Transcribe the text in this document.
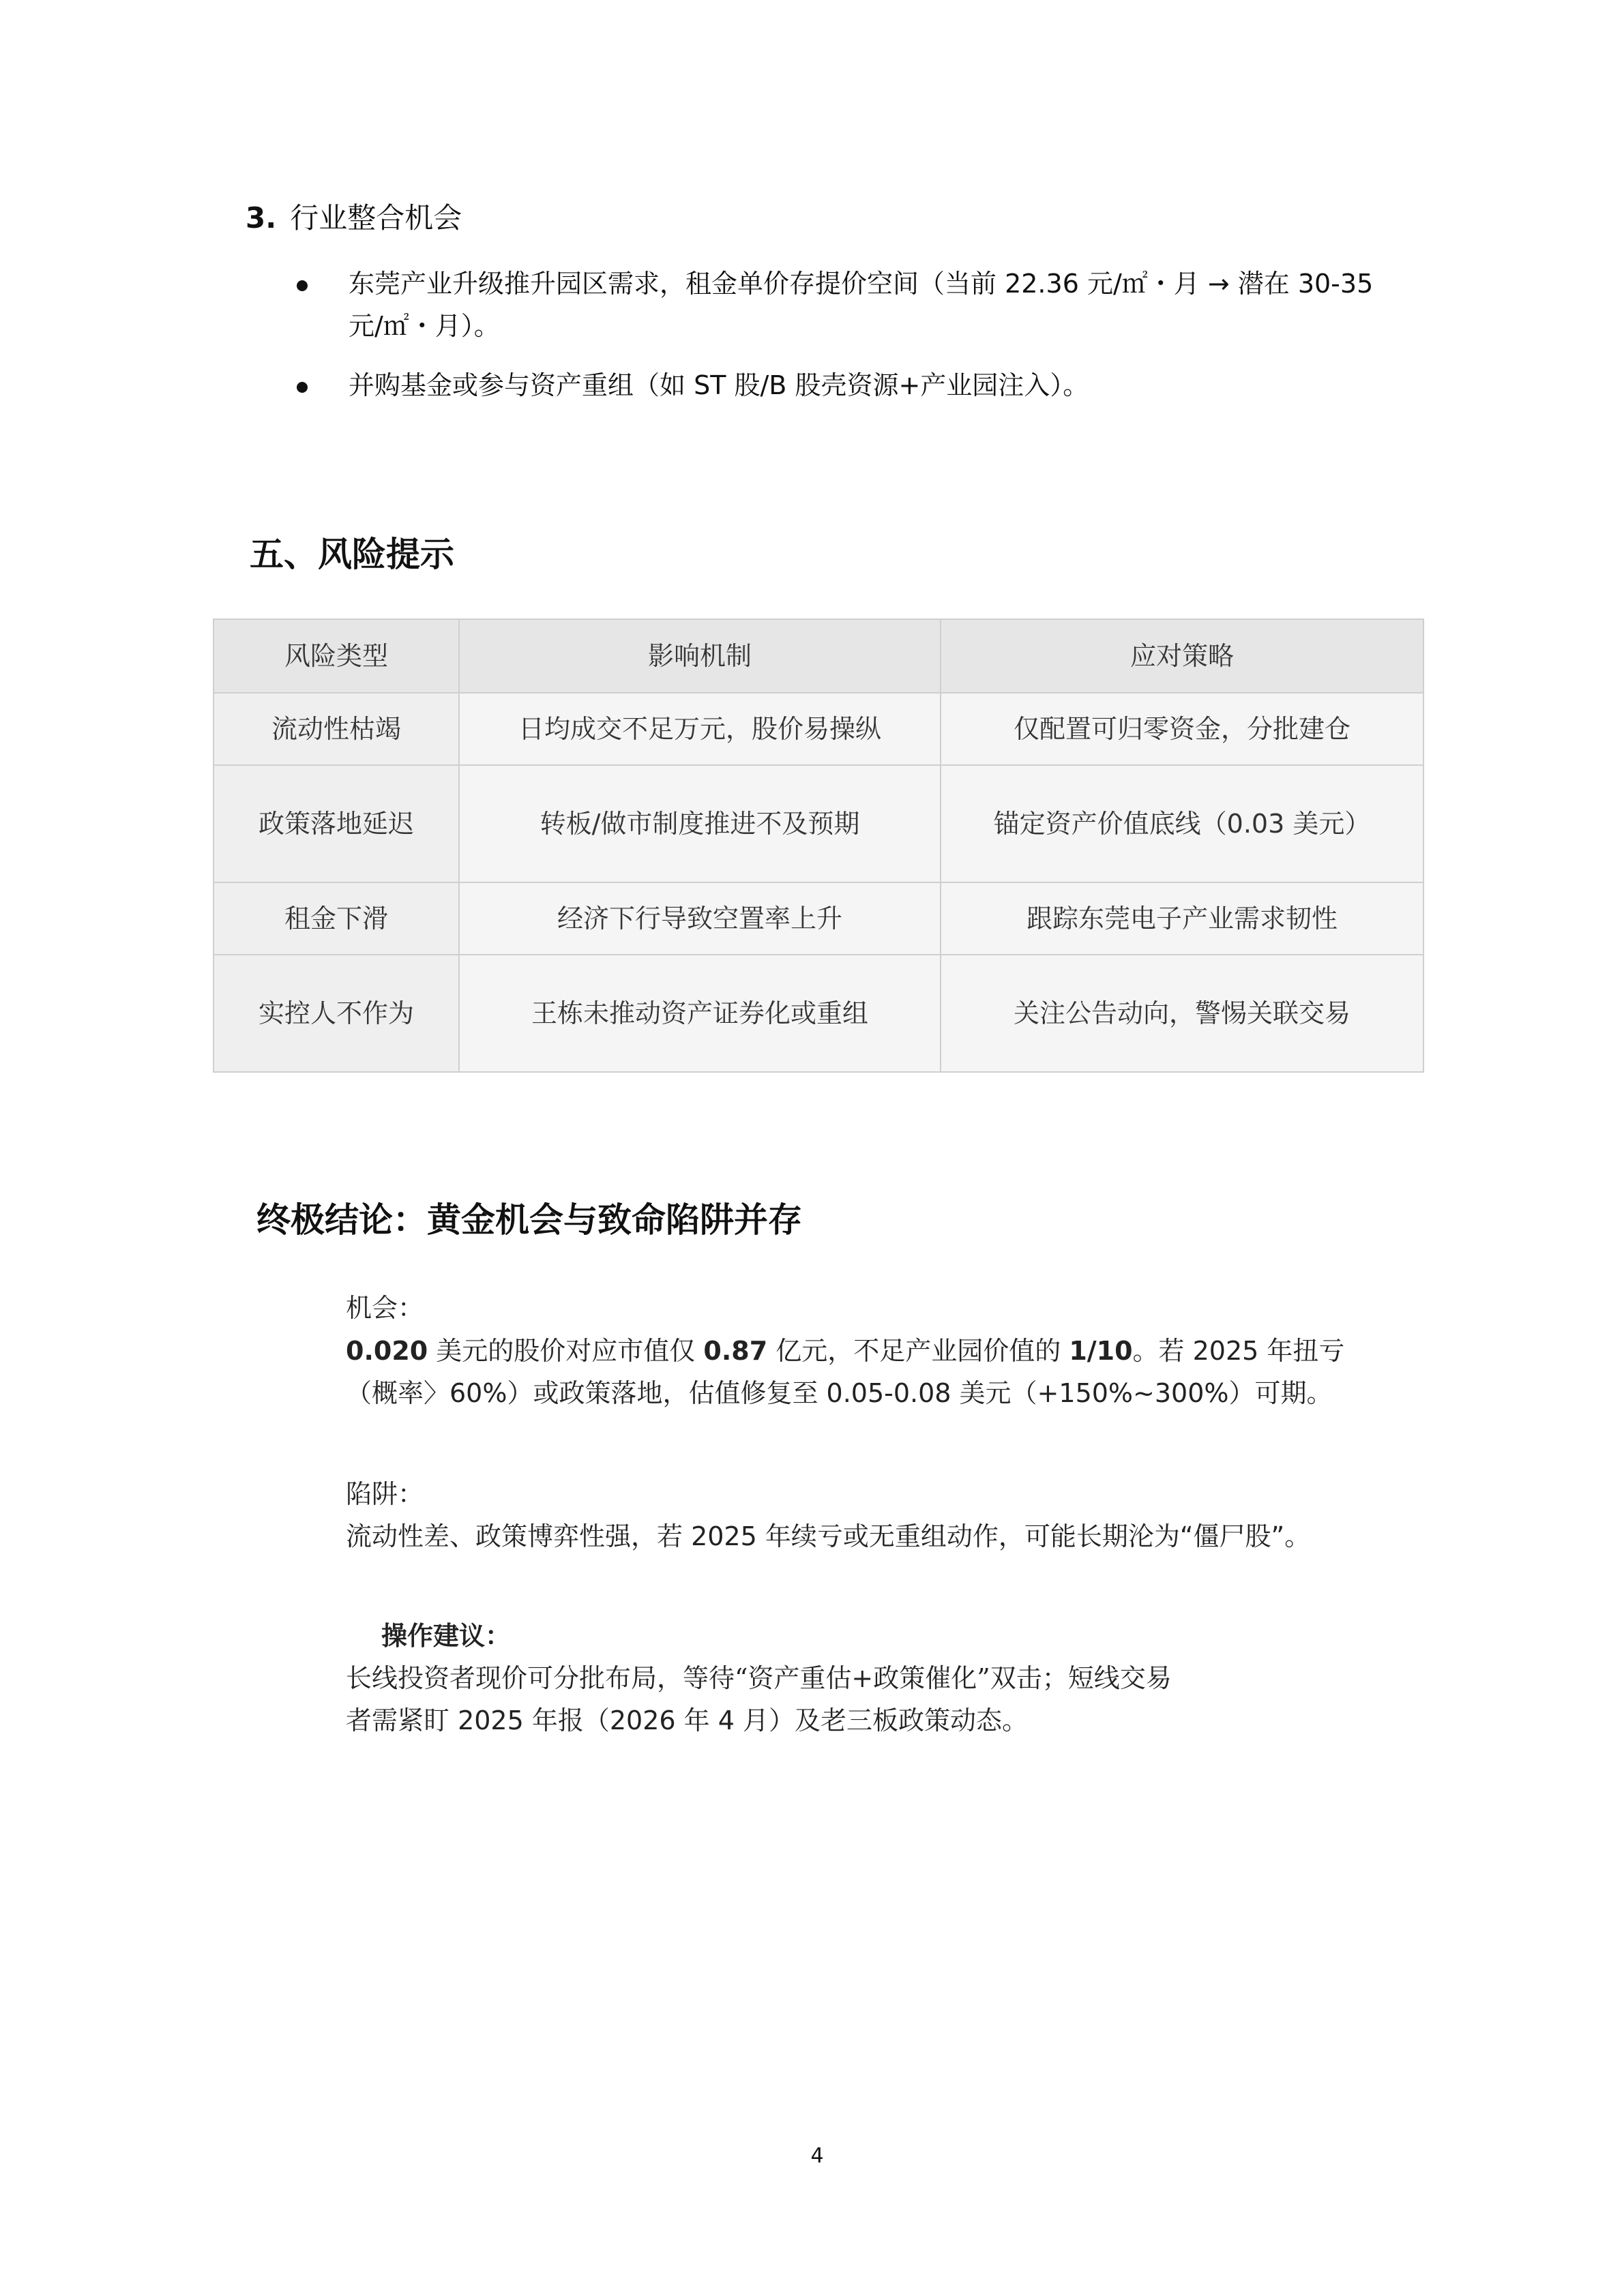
3. 行业整合机会
东莞产业升级推升园区需求，租金单价存提价空间（当前 22.36 元/㎡・月 → 潜在 30-35 元/㎡・月）。
并购基金或参与资产重组（如 ST 股/B 股壳资源+产业园注入）。
五、风险提示
风险类型	影响机制	应对策略
流动性枯竭	日均成交不足万元，股价易操纵	仅配置可归零资金，分批建仓
政策落地延迟	转板/做市制度推进不及预期	锚定资产价值底线（0.03 美元）
租金下滑	经济下行导致空置率上升	跟踪东莞电子产业需求韧性
实控人不作为	王栋未推动资产证券化或重组	关注公告动向，警惕关联交易
终极结论：黄金机会与致命陷阱并存
机会：
0.020 美元的股价对应市值仅 0.87 亿元，不足产业园价值的 1/10。若 2025 年扭亏（概率〉60%）或政策落地，估值修复至 0.05-0.08 美元（+150%~300%）可期。
陷阱：
流动性差、政策博弈性强，若 2025 年续亏或无重组动作，可能长期沦为“僵尸股”。
操作建议：
长线投资者现价可分批布局，等待“资产重估+政策催化”双击；短线交易
者需紧盯 2025 年报（2026 年 4 月）及老三板政策动态。
4
